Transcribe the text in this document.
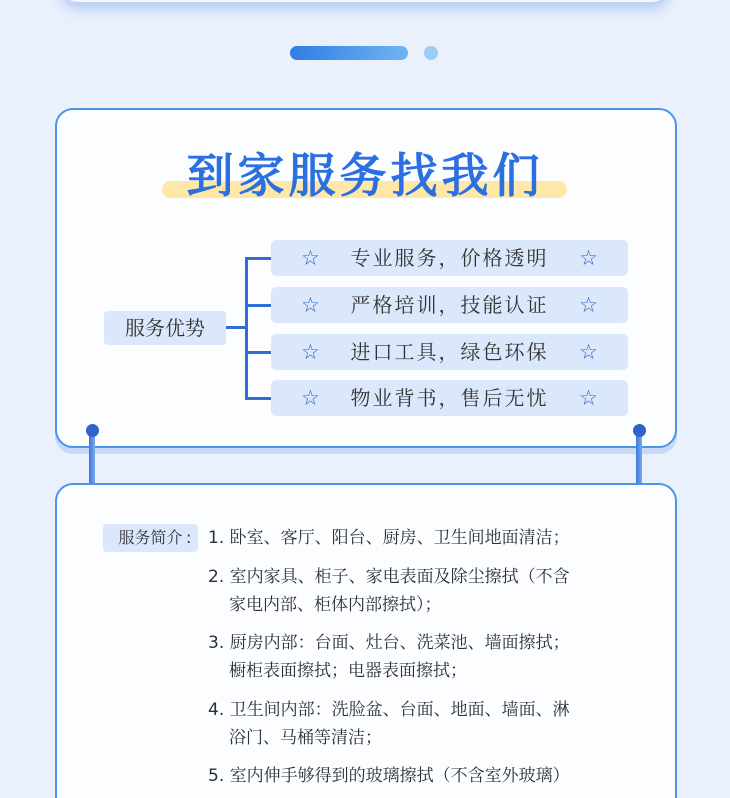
到家服务找我们
服务优势
☆	专业服务，价格透明	☆
☆	严格培训，技能认证	☆
☆	进口工具，绿色环保	☆
☆	物业背书，售后无忧	☆
服务简介 : 1. 卧室、客厅、阳台、厨房、卫生间地面清洁；
2. 室内家具、柜子、家电表面及除尘擦拭（不含
家电内部、柜体内部擦拭）；
3. 厨房内部：台面、灶台、洗菜池、墙面擦拭；
橱柜表面擦拭；电器表面擦拭；
4. 卫生间内部：洗脸盆、台面、地面、墙面、淋
浴门、马桶等清洁；
5. 室内伸手够得到的玻璃擦拭（不含室外玻璃）
